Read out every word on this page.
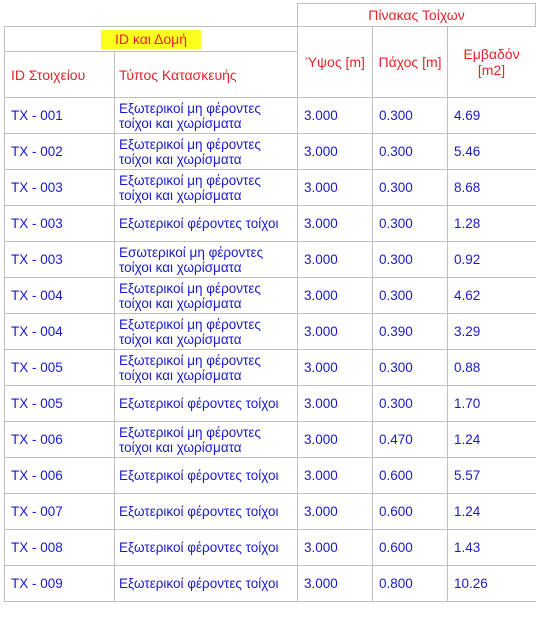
		Πίνακας Τοίχων		
ID και Δομή		Ύψος [m]	Πάχος [m]	Εμβαδόν [m2]
ID Στοιχείου	Τύπος Κατασκευής			
TX - 001	Εξωτερικοί μη φέροντες τοίχοι και χωρίσματα	3.000	0.300	4.69
TX - 002	Εξωτερικοί μη φέροντες τοίχοι και χωρίσματα	3.000	0.300	5.46
TX - 003	Εξωτερικοί μη φέροντες τοίχοι και χωρίσματα	3.000	0.300	8.68
TX - 003	Εξωτερικοί φέροντες τοίχοι	3.000	0.300	1.28
TX - 003	Εσωτερικοί μη φέροντες τοίχοι και χωρίσματα	3.000	0.300	0.92
TX - 004	Εξωτερικοί μη φέροντες τοίχοι και χωρίσματα	3.000	0.300	4.62
TX - 004	Εξωτερικοί μη φέροντες τοίχοι και χωρίσματα	3.000	0.390	3.29
TX - 005	Εξωτερικοί μη φέροντες τοίχοι και χωρίσματα	3.000	0.300	0.88
TX - 005	Εξωτερικοί φέροντες τοίχοι	3.000	0.300	1.70
TX - 006	Εξωτερικοί μη φέροντες τοίχοι και χωρίσματα	3.000	0.470	1.24
TX - 006	Εξωτερικοί φέροντες τοίχοι	3.000	0.600	5.57
TX - 007	Εξωτερικοί φέροντες τοίχοι	3.000	0.600	1.24
TX - 008	Εξωτερικοί φέροντες τοίχοι	3.000	0.600	1.43
TX - 009	Εξωτερικοί φέροντες τοίχοι	3.000	0.800	10.26
